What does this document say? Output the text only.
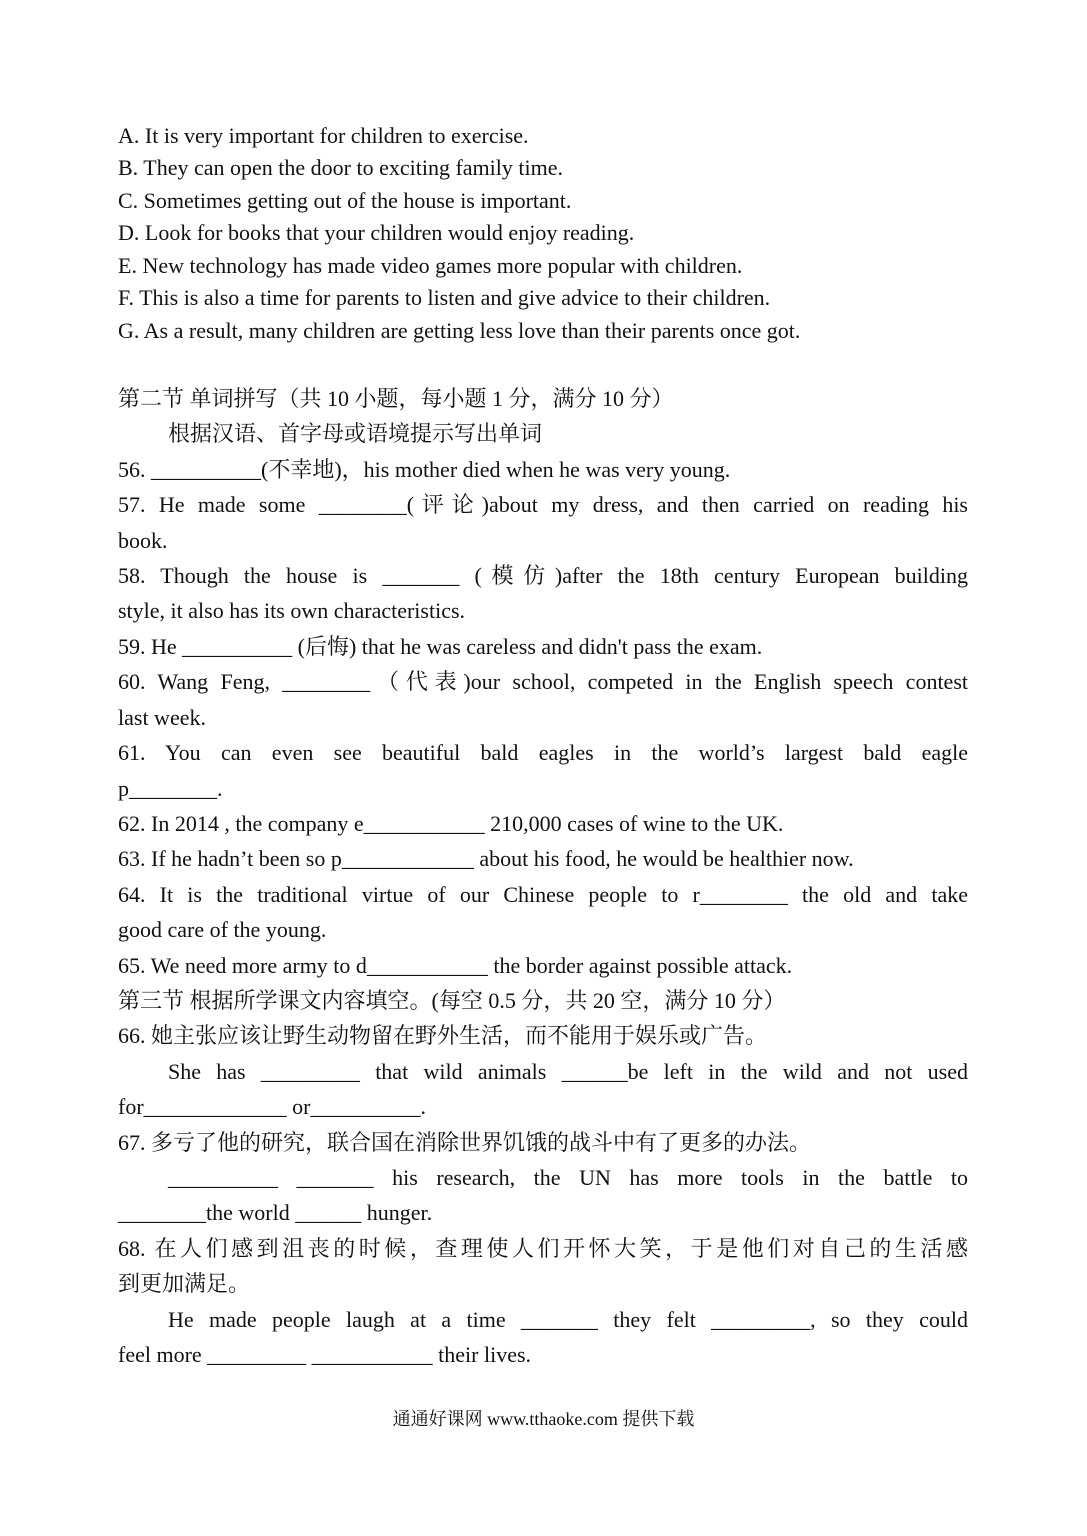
A. It is very important for children to exercise.
B. They can open the door to exciting family time.
C. Sometimes getting out of the house is important.
D. Look for books that your children would enjoy reading.
E. New technology has made video games more popular with children.
F. This is also a time for parents to listen and give advice to their children.
G. As a result, many children are getting less love than their parents once got.
第二节 单词拼写（共 10 小题，每小题 1 分，满分 10 分）
根据汉语、首字母或语境提示写出单词
56. __________(不幸地)，his mother died when he was very young.
57. He made some ________(评论)about my dress, and then carried on reading his
book.
58. Though the house is _______ (模仿)after the 18th century European building
style, it also has its own characteristics.
59. He __________ (后悔) that he was careless and didn't pass the exam.
60. Wang Feng, ________（代表)our school, competed in the English speech contest
last week.
61. You can even see beautiful bald eagles in the world’s largest bald eagle
p________.
62. In 2014 , the company e___________ 210,000 cases of wine to the UK.
63. If he hadn’t been so p____________ about his food, he would be healthier now.
64. It is the traditional virtue of our Chinese people to r________ the old and take
good care of the young.
65. We need more army to d___________ the border against possible attack.
第三节 根据所学课文内容填空。(每空 0.5 分，共 20 空，满分 10 分）
66. 她主张应该让野生动物留在野外生活，而不能用于娱乐或广告。
She has _________ that wild animals ______be left in the wild and not used
for_____________ or__________.
67. 多亏了他的研究，联合国在消除世界饥饿的战斗中有了更多的办法。
__________ _______ his research, the UN has more tools in the battle to
________the world ______ hunger.
68. 在人们感到沮丧的时候，查理使人们开怀大笑，于是他们对自己的生活感
到更加满足。
He made people laugh at a time _______ they felt _________, so they could
feel more _________ ___________ their lives.
通通好课网 www.tthaoke.com 提供下载
